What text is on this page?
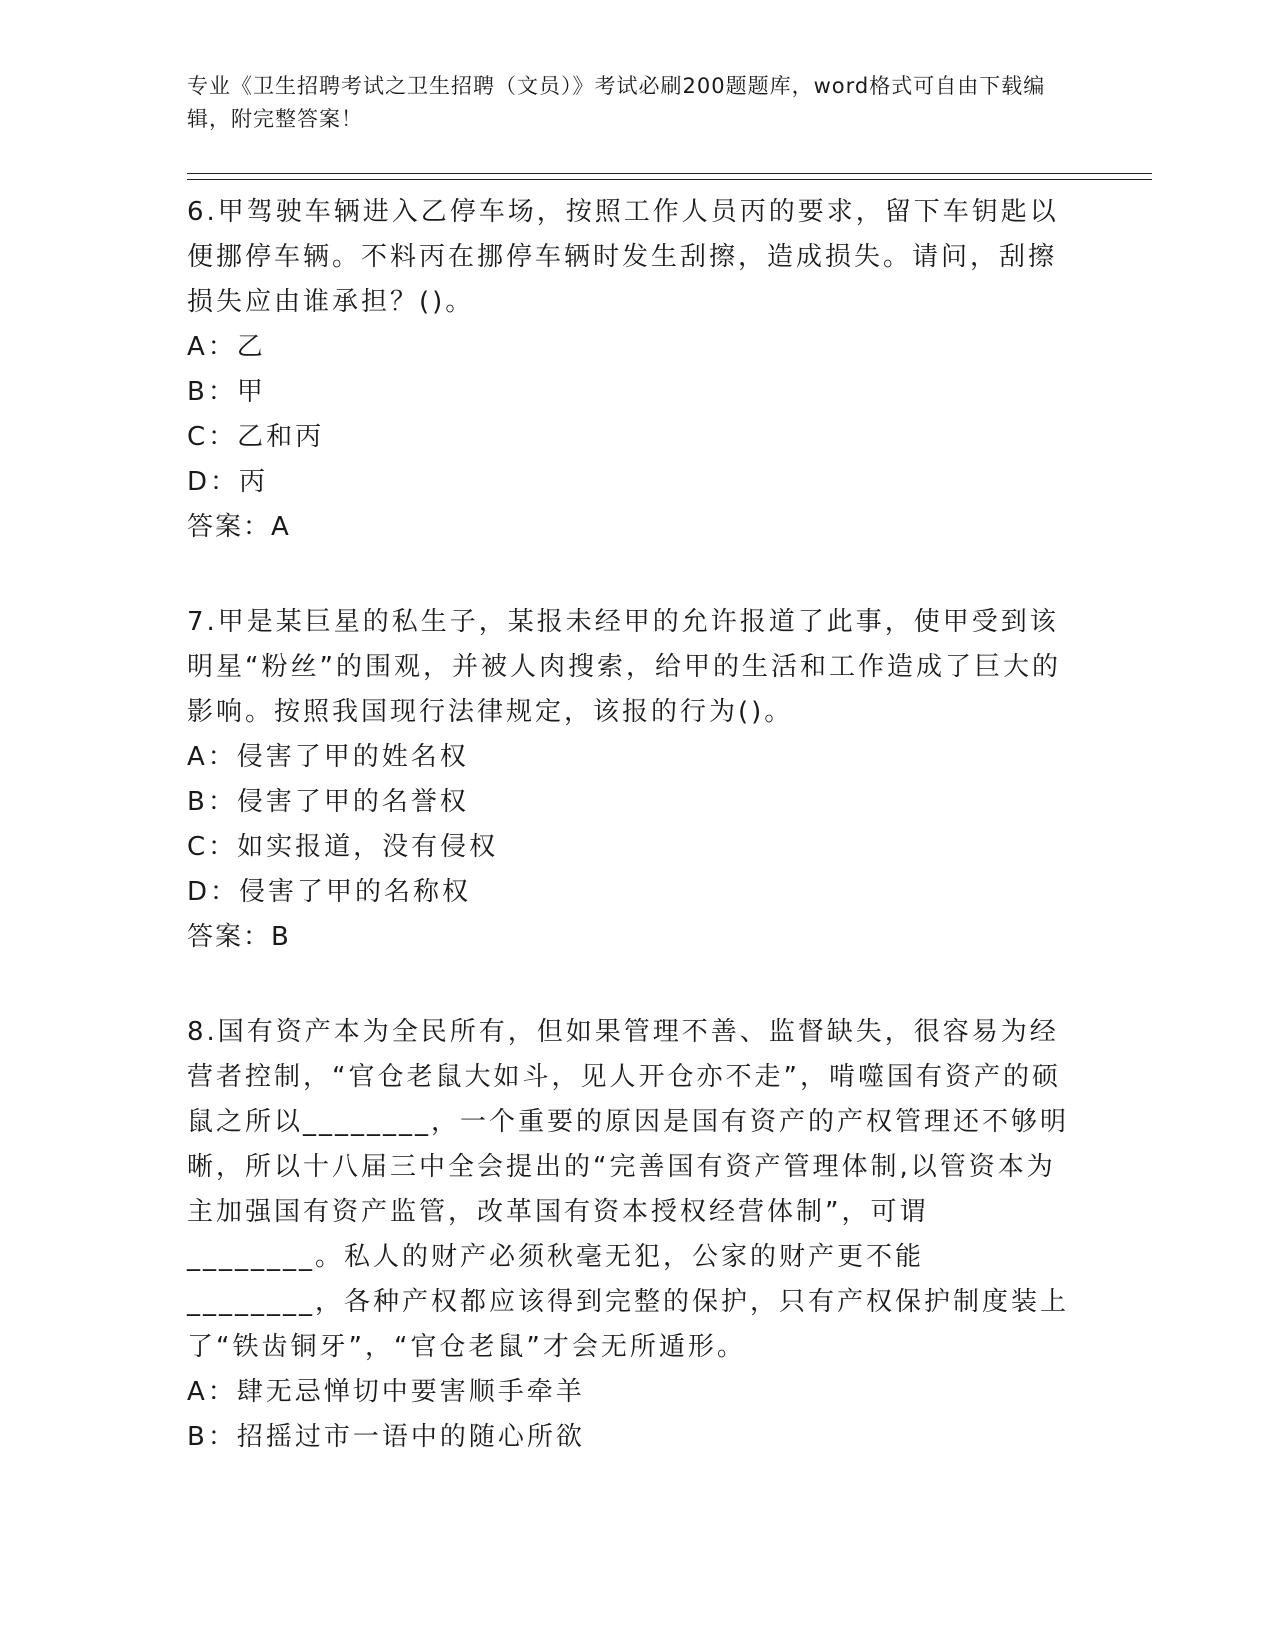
专业《卫生招聘考试之卫生招聘（文员）》考试必刷200题题库，word格式可自由下载编辑，附完整答案！
6.甲驾驶车辆进入乙停车场，按照工作人员丙的要求，留下车钥匙以便挪停车辆。不料丙在挪停车辆时发生刮擦，造成损失。请问，刮擦损失应由谁承担？()。
A：乙
B：甲
C：乙和丙
D：丙
答案：A
7.甲是某巨星的私生子，某报未经甲的允许报道了此事，使甲受到该明星“粉丝”的围观，并被人肉搜索，给甲的生活和工作造成了巨大的影响。按照我国现行法律规定，该报的行为()。
A：侵害了甲的姓名权
B：侵害了甲的名誉权
C：如实报道，没有侵权
D：侵害了甲的名称权
答案：B
8.国有资产本为全民所有，但如果管理不善、监督缺失，很容易为经营者控制，“官仓老鼠大如斗，见人开仓亦不走”，啃噬国有资产的硕鼠之所以________，一个重要的原因是国有资产的产权管理还不够明晰，所以十八届三中全会提出的“完善国有资产管理体制,以管资本为主加强国有资产监管，改革国有资本授权经营体制”，可谓________。私人的财产必须秋毫无犯，公家的财产更不能________，各种产权都应该得到完整的保护，只有产权保护制度装上了“铁齿铜牙”，“官仓老鼠”才会无所遁形。
A：肆无忌惮切中要害顺手牵羊
B：招摇过市一语中的随心所欲
